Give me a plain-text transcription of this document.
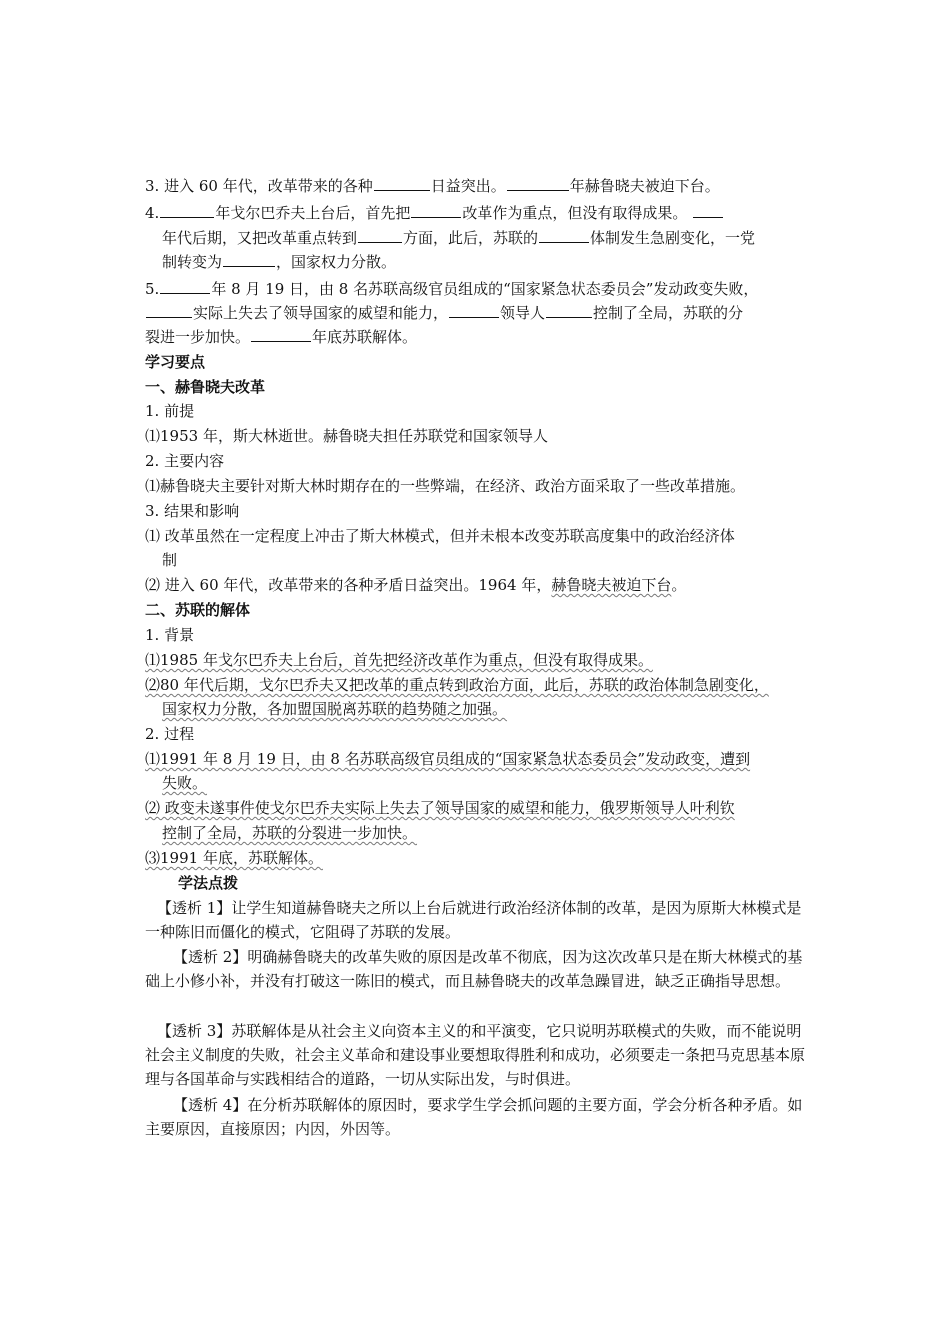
3. 进入 60 年代，改革带来的各种	日益突出。	年赫鲁晓夫被迫下台。
4.	年戈尔巴乔夫上台后，首先把	改革作为重点，但没有取得成果。
年代后期，又把改革重点转到	方面，此后，苏联的	体制发生急剧变化，一党
制转变为	，国家权力分散。
5.	年 8 月 19 日，由 8 名苏联高级官员组成的“国家紧急状态委员会”发动政变失败，
实际上失去了领导国家的威望和能力，	领导人	控制了全局，苏联的分
裂进一步加快。	年底苏联解体。
学习要点
一、赫鲁晓夫改革
1. 前提
⑴1953 年，斯大林逝世。赫鲁晓夫担任苏联党和国家领导人
2. 主要内容
⑴赫鲁晓夫主要针对斯大林时期存在的一些弊端，在经济、政治方面采取了一些改革措施。
3. 结果和影响
⑴ 改革虽然在一定程度上冲击了斯大林模式，但并未根本改变苏联高度集中的政治经济体
制
⑵ 进入 60 年代，改革带来的各种矛盾日益突出。1964 年，赫鲁晓夫被迫下台。
二、苏联的解体
1. 背景
⑴1985 年戈尔巴乔夫上台后，首先把经济改革作为重点，但没有取得成果。
⑵80 年代后期，戈尔巴乔夫又把改革的重点转到政治方面，此后，苏联的政治体制急剧变化，
国家权力分散，各加盟国脱离苏联的趋势随之加强。
2. 过程
⑴1991 年 8 月 19 日，由 8 名苏联高级官员组成的“国家紧急状态委员会”发动政变，遭到
失败。
⑵ 政变未遂事件使戈尔巴乔夫实际上失去了领导国家的威望和能力，俄罗斯领导人叶利钦
控制了全局，苏联的分裂进一步加快。
⑶1991 年底，苏联解体。
学法点拨
【透析 1】让学生知道赫鲁晓夫之所以上台后就进行政治经济体制的改革，是因为原斯大林模式是一种陈旧而僵化的模式，它阻碍了苏联的发展。
【透析 2】明确赫鲁晓夫的改革失败的原因是改革不彻底，因为这次改革只是在斯大林模式的基础上小修小补，并没有打破这一陈旧的模式，而且赫鲁晓夫的改革急躁冒进，缺乏正确指导思想。
【透析 3】苏联解体是从社会主义向资本主义的和平演变，它只说明苏联模式的失败，而不能说明社会主义制度的失败，社会主义革命和建设事业要想取得胜利和成功，必须要走一条把马克思基本原理与各国革命与实践相结合的道路，一切从实际出发，与时俱进。
【透析 4】在分析苏联解体的原因时，要求学生学会抓问题的主要方面，学会分析各种矛盾。如主要原因，直接原因；内因，外因等。
